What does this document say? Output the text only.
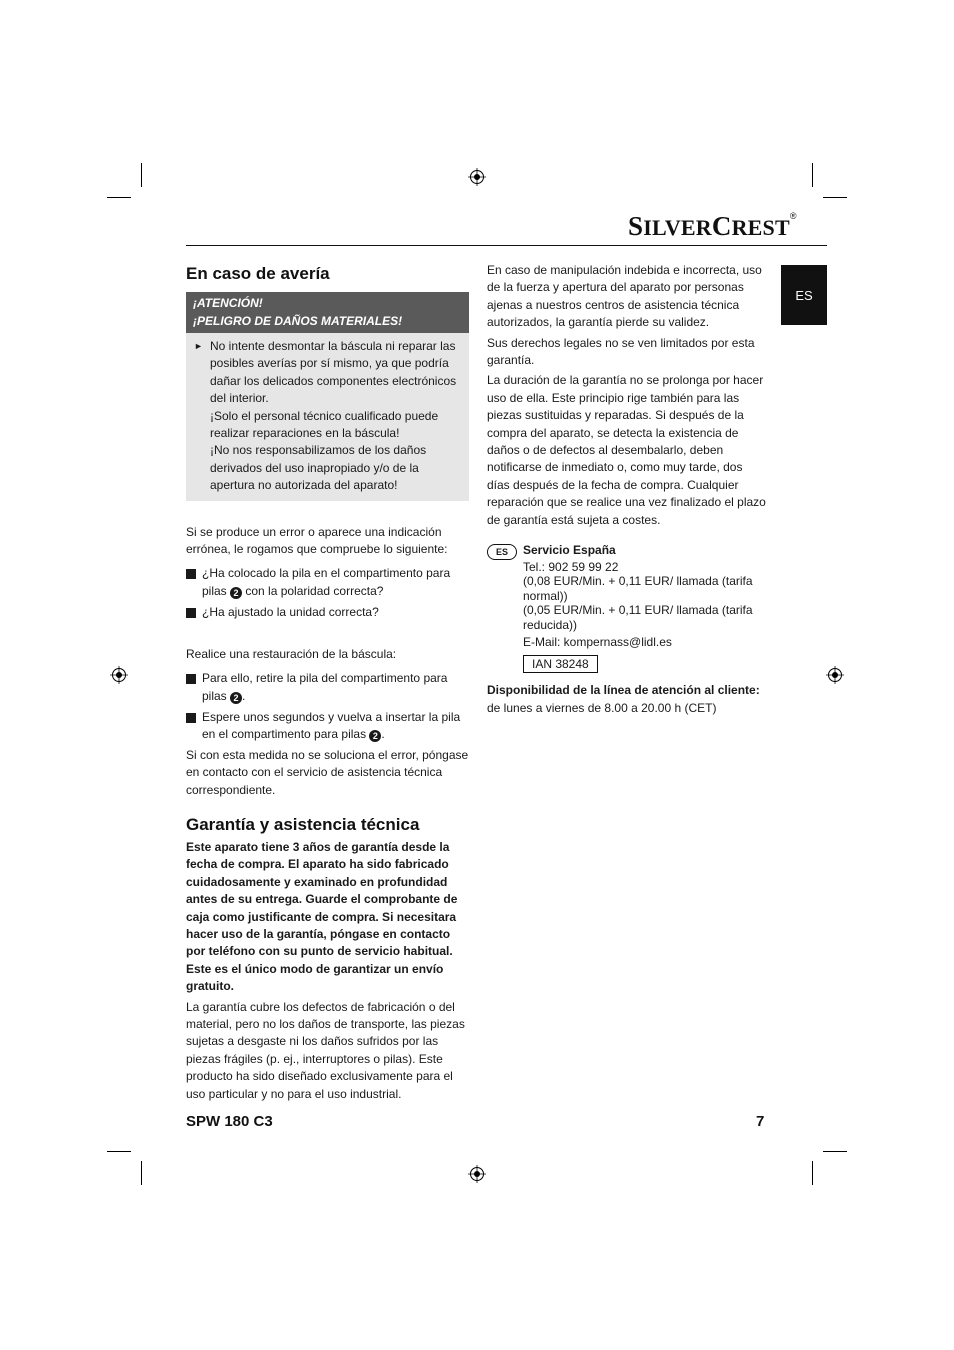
SILVERCREST®
ES
En caso de avería
¡ATENCIÓN!
¡PELIGRO DE DAÑOS MATERIALES!
► No intente desmontar la báscula ni reparar las posibles averías por sí mismo, ya que podría dañar los delicados componentes electrónicos del interior.

¡Solo el personal técnico cualificado puede realizar reparaciones en la báscula!

¡No nos responsabilizamos de los daños derivados del uso inapropiado y/o de la apertura no autorizada del aparato!

Si se produce un error o aparece una indicación errónea, le rogamos que compruebe lo siguiente:

¿Ha colocado la pila en el compartimento para pilas 2 con la polaridad correcta?
¿Ha ajustado la unidad correcta?

Realice una restauración de la báscula:

Para ello, retire la pila del compartimento para pilas 2 .
Espere unos segundos y vuelva a insertar la pila en el compartimento para pilas 2 .

Si con esta medida no se soluciona el error, póngase en contacto con el servicio de asistencia técnica correspondiente.

Garantía y asistencia técnica

Este aparato tiene 3 años de garantía desde la fecha de compra. El aparato ha sido fabricado cuidadosamente y examinado en profundidad antes de su entrega. Guarde el comprobante de caja como justificante de compra. Si necesitara hacer uso de la garantía, póngase en contacto por teléfono con su punto de servicio habitual. Este es el único modo de garantizar un envío gratuito.

La garantía cubre los defectos de fabricación o del material, pero no los daños de transporte, las piezas sujetas a desgaste ni los daños sufridos por las piezas frágiles (p. ej., interruptores o pilas). Este producto ha sido diseñado exclusivamente para el uso particular y no para el uso industrial.

En caso de manipulación indebida e incorrecta, uso de la fuerza y apertura del aparato por personas ajenas a nuestros centros de asistencia técnica autorizados, la garantía pierde su validez.

Sus derechos legales no se ven limitados por esta garantía.

La duración de la garantía no se prolonga por hacer uso de ella. Este principio rige también para las piezas sustituidas y reparadas. Si después de la compra del aparato, se detecta la existencia de daños o de defectos al desembalarlo, deben notificarse de inmediato o, como muy tarde, dos días después de la fecha de compra. Cualquier reparación que se realice una vez finalizado el plazo de garantía está sujeta a costes.

ES	Servicio España
Tel.: 902 59 99 22
(0,08 EUR/Min. + 0,11 EUR/ llamada (tarifa normal))
(0,05 EUR/Min. + 0,11 EUR/ llamada (tarifa reducida))
E-Mail: kompernass@lidl.es
IAN 38248

Disponibilidad de la línea de atención al cliente:

de lunes a viernes de 8.00 a 20.00 h (CET)

SPW 180 C3	7
